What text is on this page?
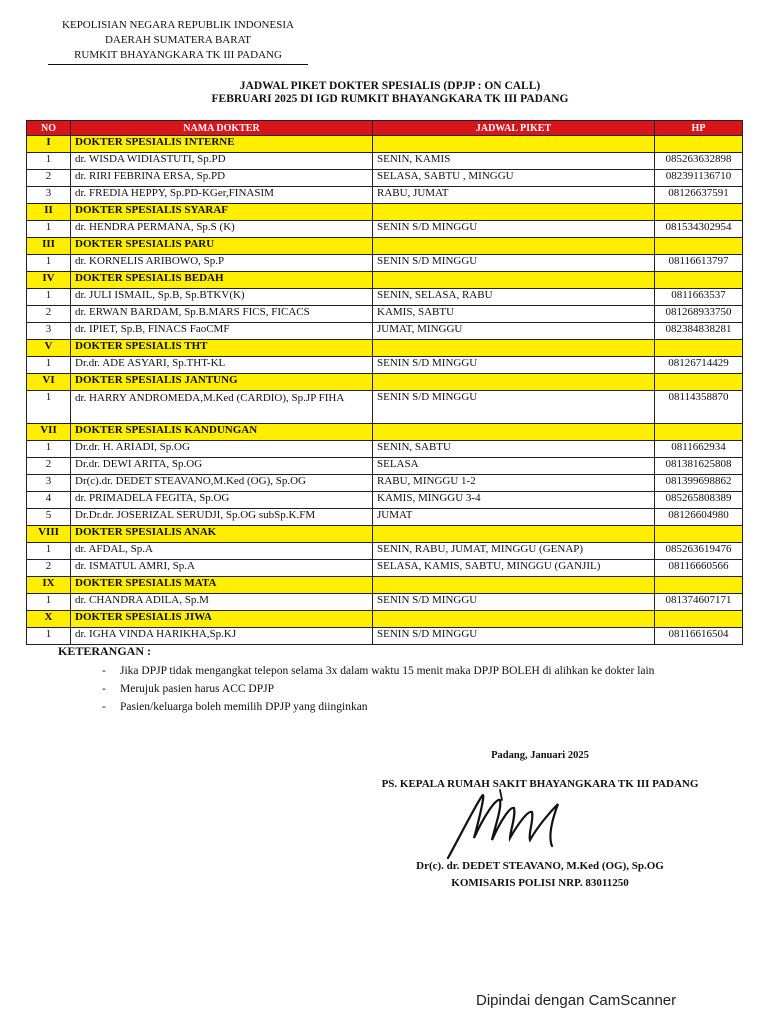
KEPOLISIAN NEGARA REPUBLIK INDONESIA
DAERAH SUMATERA BARAT
RUMKIT BHAYANGKARA TK III PADANG
JADWAL PIKET DOKTER SPESIALIS (DPJP : ON CALL)
FEBRUARI 2025 DI IGD RUMKIT BHAYANGKARA TK III PADANG
NO	NAMA DOKTER	JADWAL PIKET	HP
I	DOKTER SPESIALIS INTERNE		
1	dr. WISDA WIDIASTUTI, Sp.PD	SENIN, KAMIS	085263632898
2	dr. RIRI FEBRINA ERSA, Sp.PD	SELASA, SABTU , MINGGU	082391136710
3	dr. FREDIA HEPPY, Sp.PD-KGer,FINASIM	RABU, JUMAT	08126637591
II	DOKTER SPESIALIS SYARAF		
1	dr. HENDRA PERMANA, Sp.S (K)	SENIN S/D MINGGU	081534302954
III	DOKTER SPESIALIS PARU		
1	dr. KORNELIS ARIBOWO, Sp.P	SENIN S/D MINGGU	08116613797
IV	DOKTER SPESIALIS BEDAH		
1	dr. JULI ISMAIL, Sp.B, Sp.BTKV(K)	SENIN, SELASA, RABU	0811663537
2	dr. ERWAN BARDAM, Sp.B.MARS FICS, FICACS	KAMIS, SABTU	081268933750
3	dr. IPIET, Sp.B, FINACS FaoCMF	JUMAT, MINGGU	082384838281
V	DOKTER SPESIALIS THT		
1	Dr.dr. ADE ASYARI, Sp.THT-KL	SENIN S/D MINGGU	08126714429
VI	DOKTER SPESIALIS JANTUNG		
1	dr. HARRY ANDROMEDA,M.Ked (CARDIO), Sp.JP FIHA	SENIN S/D MINGGU	08114358870
VII	DOKTER SPESIALIS KANDUNGAN		
1	Dr.dr. H. ARIADI, Sp.OG	SENIN, SABTU	0811662934
2	Dr.dr. DEWI ARITA, Sp.OG	SELASA	081381625808
3	Dr(c).dr. DEDET STEAVANO,M.Ked (OG), Sp.OG	RABU, MINGGU 1-2	081399698862
4	dr. PRIMADELA FEGITA, Sp.OG	KAMIS, MINGGU 3-4	085265808389
5	Dr.Dr.dr. JOSERIZAL SERUDJI, Sp.OG subSp.K.FM	JUMAT	08126604980
VIII	DOKTER SPESIALIS ANAK		
1	dr. AFDAL, Sp.A	SENIN, RABU, JUMAT, MINGGU (GENAP)	085263619476
2	dr. ISMATUL AMRI, Sp.A	SELASA, KAMIS, SABTU, MINGGU (GANJIL)	08116660566
IX	DOKTER SPESIALIS MATA		
1	dr. CHANDRA ADILA, Sp.M	SENIN S/D MINGGU	081374607171
X	DOKTER SPESIALIS JIWA		
1	dr. IGHA VINDA HARIKHA,Sp.KJ	SENIN S/D MINGGU	08116616504
KETERANGAN :
- Jika DPJP tidak mengangkat telepon selama 3x dalam waktu 15 menit maka DPJP BOLEH di alihkan ke dokter lain
- Merujuk pasien harus ACC DPJP
- Pasien/keluarga boleh memilih DPJP yang diinginkan
Padang, Januari 2025
PS. KEPALA RUMAH SAKIT BHAYANGKARA TK III PADANG
Dr(c). dr. DEDET STEAVANO, M.Ked (OG), Sp.OG
KOMISARIS POLISI NRP. 83011250
Dipindai dengan CamScanner
